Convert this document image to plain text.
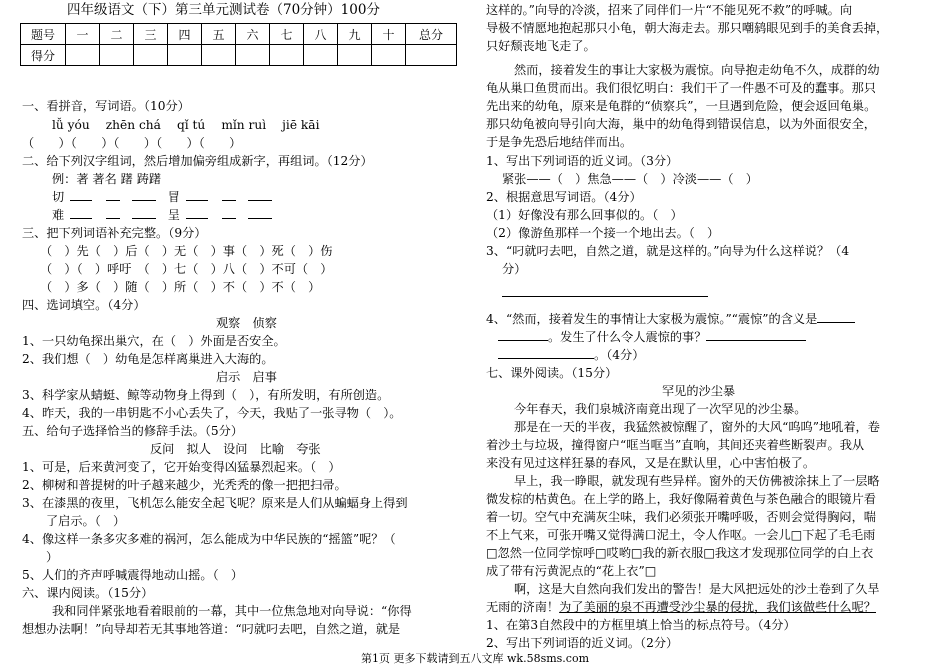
四年级语文（下）第三单元测试卷（70分钟）100分
题号	一	二	三	四	五	六	七	八	九	十	总分
得分											
一、看拼音，写词语。（10分）
lǚ yóu　 zhēn chá　 qǐ tú　 mǐn ruì　 jiē kāi
（　　）（　　）（　　）（　　）（　　）
二、给下列汉字组词，然后增加偏旁组成新字，再组词。（12分）
例：著 著名 躇 踌躇
切	冒
难	呈
三、把下列词语补充完整。（9分）
（　）先（　）后（　）无（　）事（　）死（　）伤
（　）（　）呼吁　（　）七（　）八（　）不可（　）
（　）多（　）随（　）所（　）不（　）不（　）
四、选词填空。（4分）
观察　侦察
1、一只幼龟探出巢穴，在（　）外面是否安全。
2、我们想（　）幼龟是怎样离巢进入大海的。
启示　启事
3、科学家从蜻蜓、鲸等动物身上得到（　），有所发明，有所创造。
4、昨天，我的一串钥匙不小心丢失了，今天，我贴了一张寻物（　）。
五、给句子选择恰当的修辞手法。（5分）
反问　拟人　设问　比喻　夸张
1、可是，后来黄河变了，它开始变得凶猛暴烈起来。（　）
2、柳树和普提树的叶子越来越少，光秃秃的像一把把扫帚。
3、在漆黑的夜里，飞机怎么能安全起飞呢？原来是人们从蝙蝠身上得到
了启示。（　）
4、像这样一条多灾多难的祸河，怎么能成为中华民族的“摇篮”呢？（
）
5、人们的齐声呼喊震得地动山摇。（　）
六、课内阅读。（15分）
我和同伴紧张地看着眼前的一幕，其中一位焦急地对向导说：“你得
想想办法啊！”向导却若无其事地答道：“叼就叼去吧，自然之道，就是
这样的。”向导的冷淡，招来了同伴们一片“不能见死不救”的呼喊。向
导极不情愿地抱起那只小龟，朝大海走去。那只嘲鸫眼见到手的美食丢掉，
只好颓丧地飞走了。
然而，接着发生的事让大家极为震惊。向导抱走幼龟不久，成群的幼
龟从巢口鱼贯而出。我们很忆明白：我们干了一件愚不可及的蠢事。那只
先出来的幼龟，原来是龟群的“侦察兵”，一旦遇到危险，便会返回龟巢。
那只幼龟被向导引向大海，巢中的幼龟得到错误信息，以为外面很安全，
于是争先恐后地结伴而出。
1、写出下列词语的近义词。（3分）
紧张——（　）焦急——（　）冷淡——（　）
2、根据意思写词语。（4分）
（1）好像没有那么回事似的。（　）
（2）像游鱼那样一个接一个地出去。（　）
3、“叼就叼去吧，自然之道，就是这样的。”向导为什么这样说？（4
分）
4、“然而，接着发生的事情让大家极为震惊。”“震惊”的含义是
。发生了什么令人震惊的事？
。（4分）
七、课外阅读。（15分）
罕见的沙尘暴
今年春天，我们泉城济南竟出现了一次罕见的沙尘暴。
那是在一天的半夜，我猛然被惊醒了，窗外的大风“呜呜”地吼着，卷
着沙土与垃圾，撞得窗户“哐当哐当”直响，其间还夹着些断裂声。我从
来没有见过这样狂暴的春风，又是在默认里，心中害怕极了。
早上，我一睁眼，就发现有些异样。窗外的天仿佛被涂抹上了一层略
微发棕的枯黄色。在上学的路上，我好像隔着黄色与茶色融合的眼镜片看
着一切。空气中充满灰尘味，我们必须张开嘴呼吸，否则会觉得胸闷，喘
不上气来，可张开嘴又觉得满口泥土，令人作呕。一会儿□下起了毛毛雨
□忽然一位同学惊呼□哎哟□我的新衣服□我这才发现那位同学的白上衣
成了带有污黄泥点的“花上衣”□
啊，这是大自然向我们发出的警告！是大风把远处的沙土卷到了久旱
无雨的济南！为了美丽的泉不再遭受沙尘暴的侵扰，我们该做些什么呢？
1、在第3自然段中的方框里填上恰当的标点符号。（4分）
2、写出下列词语的近义词。（2分）
第1页 更多下载请到五八文库 wk.58sms.com
